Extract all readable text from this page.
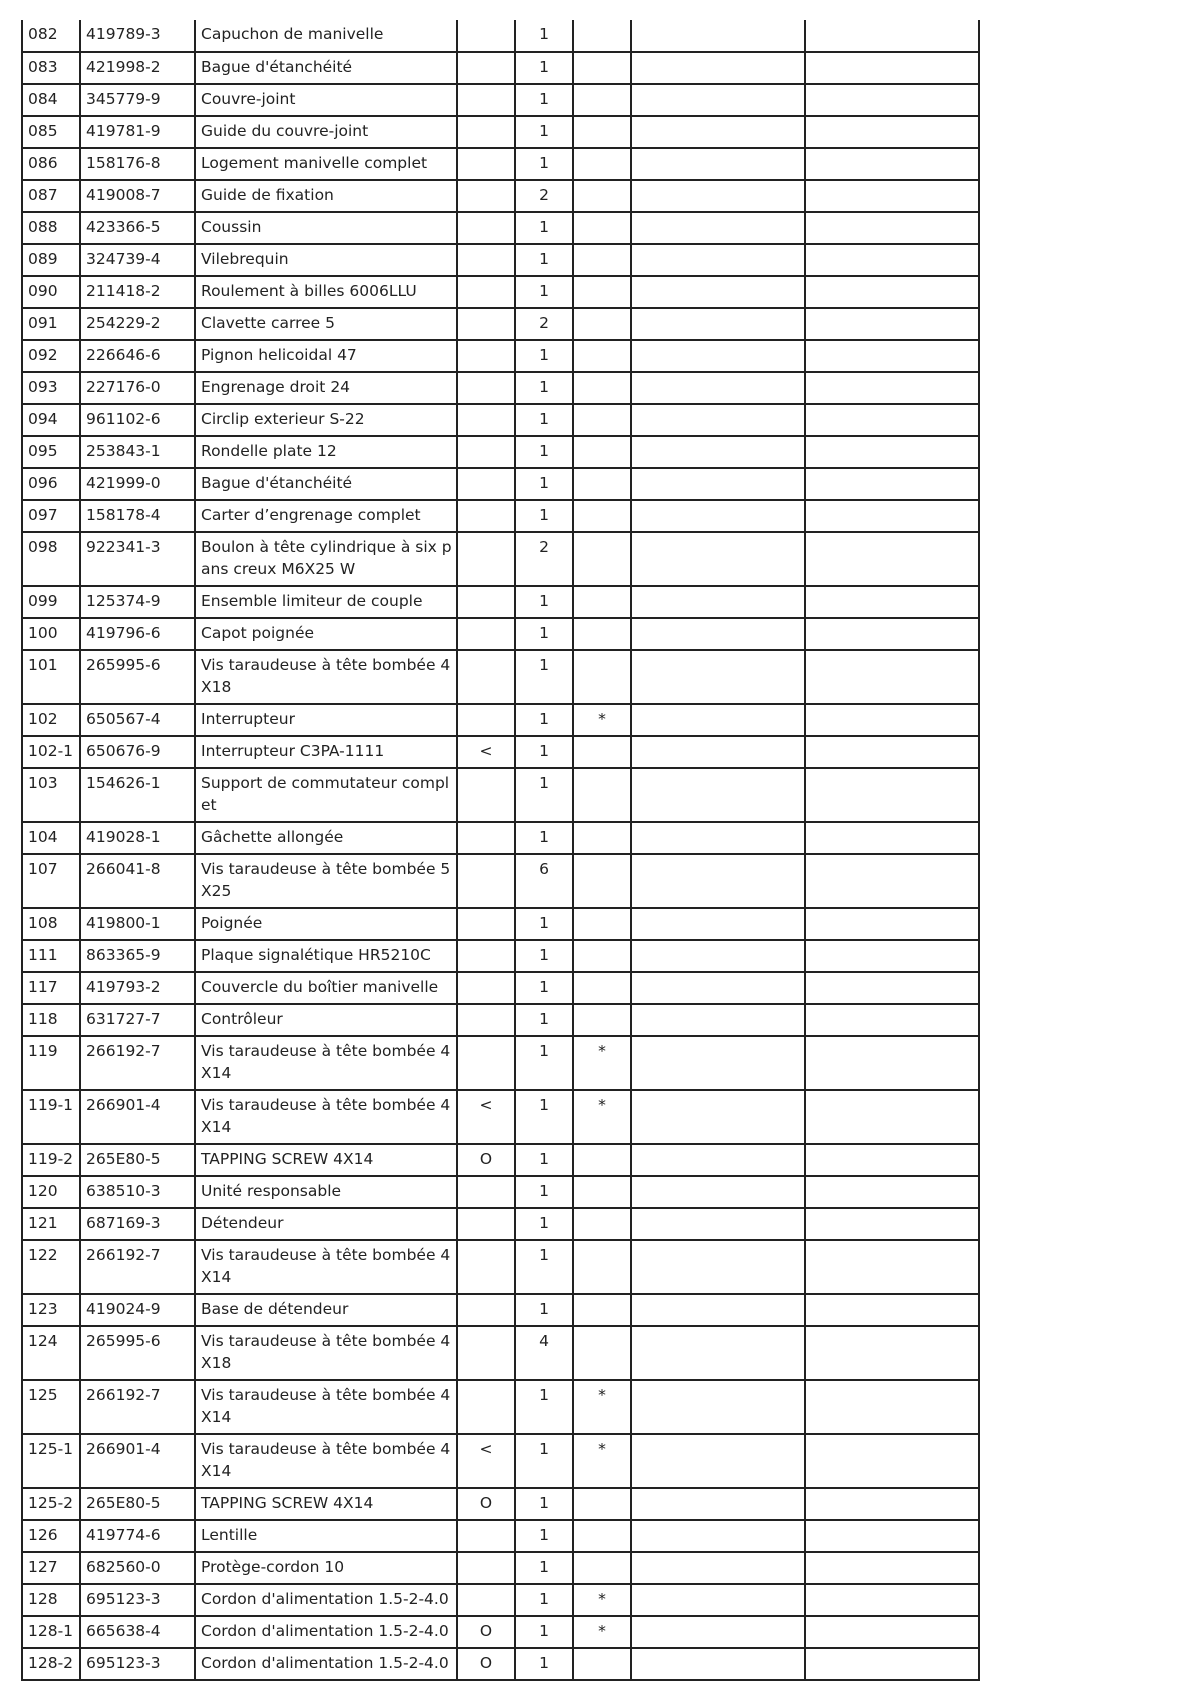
082	419789-3	Capuchon de manivelle		1			
083	421998-2	Bague d'étanchéité		1			
084	345779-9	Couvre-joint		1			
085	419781-9	Guide du couvre-joint		1			
086	158176-8	Logement manivelle complet		1			
087	419008-7	Guide de fixation		2			
088	423366-5	Coussin		1			
089	324739-4	Vilebrequin		1			
090	211418-2	Roulement à billes 6006LLU		1			
091	254229-2	Clavette carree 5		2			
092	226646-6	Pignon helicoidal 47		1			
093	227176-0	Engrenage droit 24		1			
094	961102-6	Circlip exterieur S-22		1			
095	253843-1	Rondelle plate 12		1			
096	421999-0	Bague d'étanchéité		1			
097	158178-4	Carter d’engrenage complet		1			
098	922341-3	Boulon à tête cylindrique à six pans creux M6X25 W		2			
099	125374-9	Ensemble limiteur de couple		1			
100	419796-6	Capot poignée		1			
101	265995-6	Vis taraudeuse à tête bombée 4X18		1			
102	650567-4	Interrupteur		1	*		
102-1	650676-9	Interrupteur C3PA-1111	<	1			
103	154626-1	Support de commutateur complet		1			
104	419028-1	Gâchette allongée		1			
107	266041-8	Vis taraudeuse à tête bombée 5X25		6			
108	419800-1	Poignée		1			
111	863365-9	Plaque signalétique HR5210C		1			
117	419793-2	Couvercle du boîtier manivelle		1			
118	631727-7	Contrôleur		1			
119	266192-7	Vis taraudeuse à tête bombée 4X14		1	*		
119-1	266901-4	Vis taraudeuse à tête bombée 4X14	<	1	*		
119-2	265E80-5	TAPPING SCREW 4X14	O	1			
120	638510-3	Unité responsable		1			
121	687169-3	Détendeur		1			
122	266192-7	Vis taraudeuse à tête bombée 4X14		1			
123	419024-9	Base de détendeur		1			
124	265995-6	Vis taraudeuse à tête bombée 4X18		4			
125	266192-7	Vis taraudeuse à tête bombée 4X14		1	*		
125-1	266901-4	Vis taraudeuse à tête bombée 4X14	<	1	*		
125-2	265E80-5	TAPPING SCREW 4X14	O	1			
126	419774-6	Lentille		1			
127	682560-0	Protège-cordon 10		1			
128	695123-3	Cordon d'alimentation 1.5-2-4.0		1	*		
128-1	665638-4	Cordon d'alimentation 1.5-2-4.0	O	1	*		
128-2	695123-3	Cordon d'alimentation 1.5-2-4.0	O	1			
